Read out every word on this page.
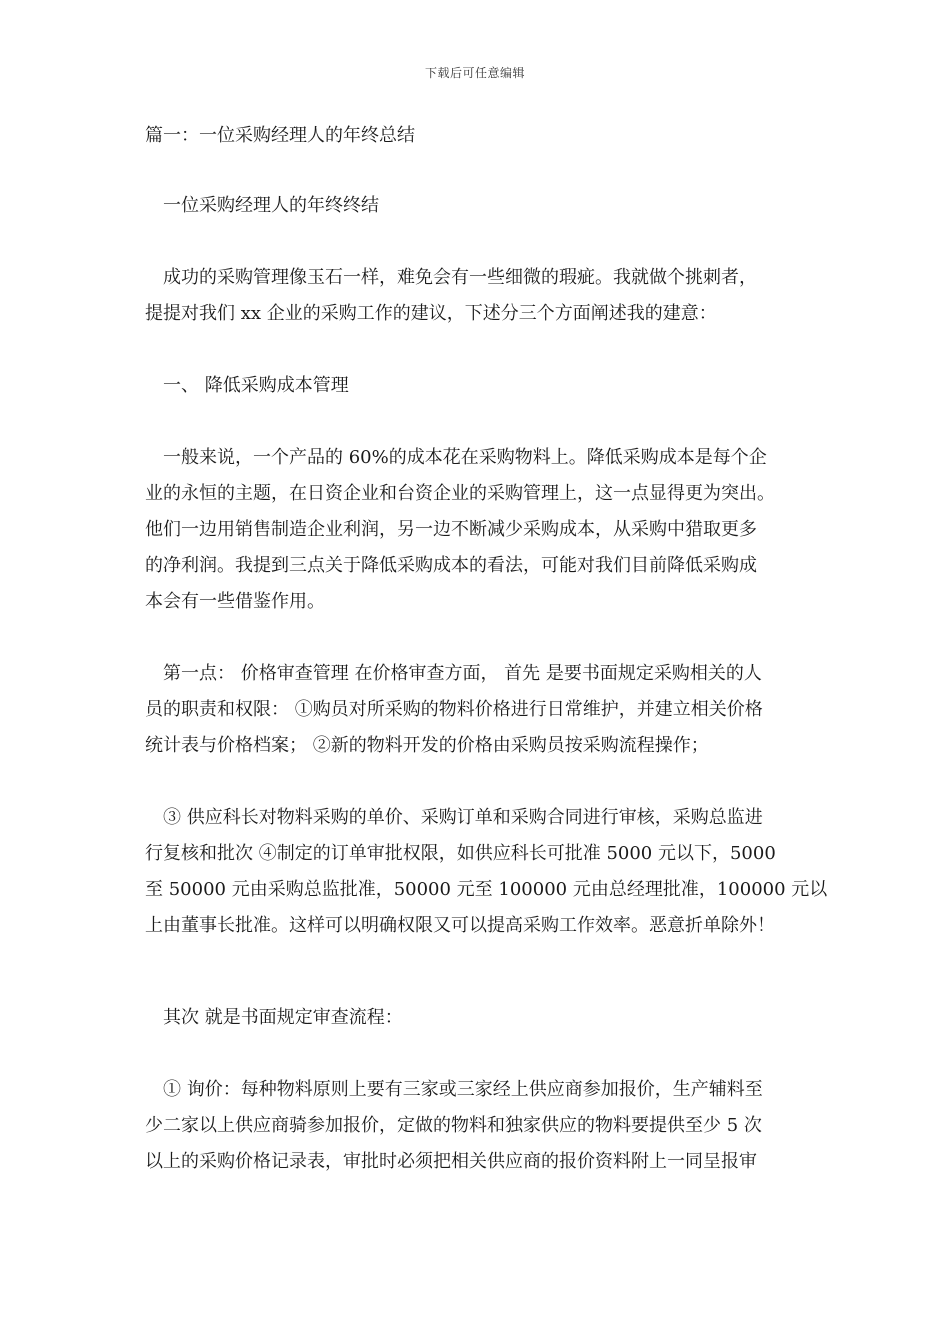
下载后可任意编辑
篇一：一位采购经理人的年终总结
一位采购经理人的年终终结
成功的采购管理像玉石一样，难免会有一些细微的瑕疵。我就做个挑刺者，
提提对我们 xx 企业的采购工作的建议，下述分三个方面阐述我的建意：
一、 降低采购成本管理
一般来说，一个产品的 60%的成本花在采购物料上。降低采购成本是每个企
业的永恒的主题，在日资企业和台资企业的采购管理上，这一点显得更为突出。
他们一边用销售制造企业利润，另一边不断减少采购成本，从采购中猎取更多
的净利润。我提到三点关于降低采购成本的看法，可能对我们目前降低采购成
本会有一些借鉴作用。
第一点： 价格审查管理 在价格审查方面， 首先 是要书面规定采购相关的人
员的职责和权限： ①购员对所采购的物料价格进行日常维护，并建立相关价格
统计表与价格档案； ②新的物料开发的价格由采购员按采购流程操作；
③ 供应科长对物料采购的单价、采购订单和采购合同进行审核，采购总监进
行复核和批次 ④制定的订单审批权限，如供应科长可批准 5000 元以下，5000
至 50000 元由采购总监批准，50000 元至 100000 元由总经理批准，100000 元以
上由董事长批准。这样可以明确权限又可以提高采购工作效率。恶意折单除外！
其次 就是书面规定审查流程：
① 询价：每种物料原则上要有三家或三家经上供应商参加报价，生产辅料至
少二家以上供应商骑参加报价，定做的物料和独家供应的物料要提供至少 5 次
以上的采购价格记录表，审批时必须把相关供应商的报价资料附上一同呈报审
